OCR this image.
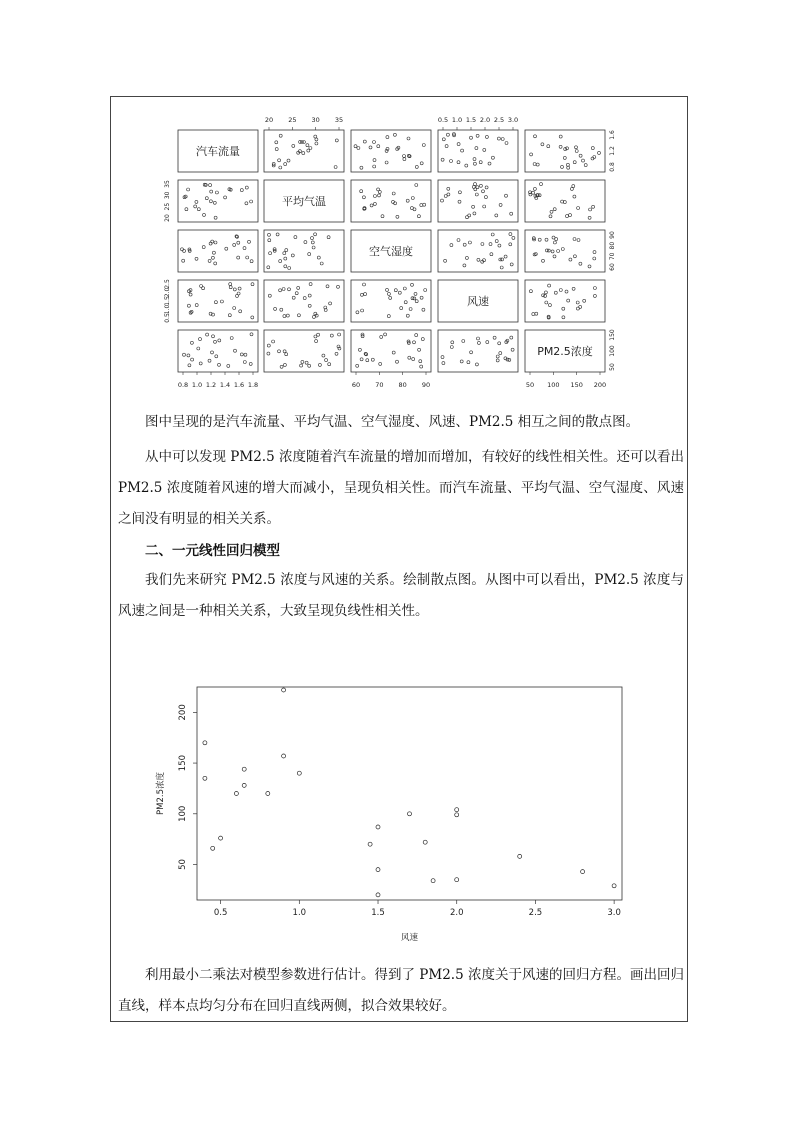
汽车流量
平均气温
空气湿度
风速
PM2.5浓度
20 25 30 35	0.5 1.0 1.5 2.0 2.5 3.0
0.8 1.0 1.2 1.4 1.6 1.8	60 70 80 90	50 100 150 200
20
25
30
35
0.5
1.0
1.5
2.0
2.5
0.8
1.2
1.6
60
70
80
90
50
100
150
0.5	1.0	1.5	2.0	2.5	3.0
50
100
150
200
风速
PM2.5浓度

图中呈现的是汽车流量、平均气温、空气湿度、风速、PM2.5 相互之间的散点图。

从中可以发现 PM2.5 浓度随着汽车流量的增加而增加，有较好的线性相关性。还可以看出PM2.5 浓度随着风速的增大而减小，呈现负相关性。而汽车流量、平均气温、空气湿度、风速之间没有明显的相关关系。

二、一元线性回归模型

我们先来研究 PM2.5 浓度与风速的关系。绘制散点图。从图中可以看出，PM2.5 浓度与风速之间是一种相关关系，大致呈现负线性相关性。

利用最小二乘法对模型参数进行估计。得到了 PM2.5 浓度关于风速的回归方程。画出回归直线，样本点均匀分布在回归直线两侧，拟合效果较好。
